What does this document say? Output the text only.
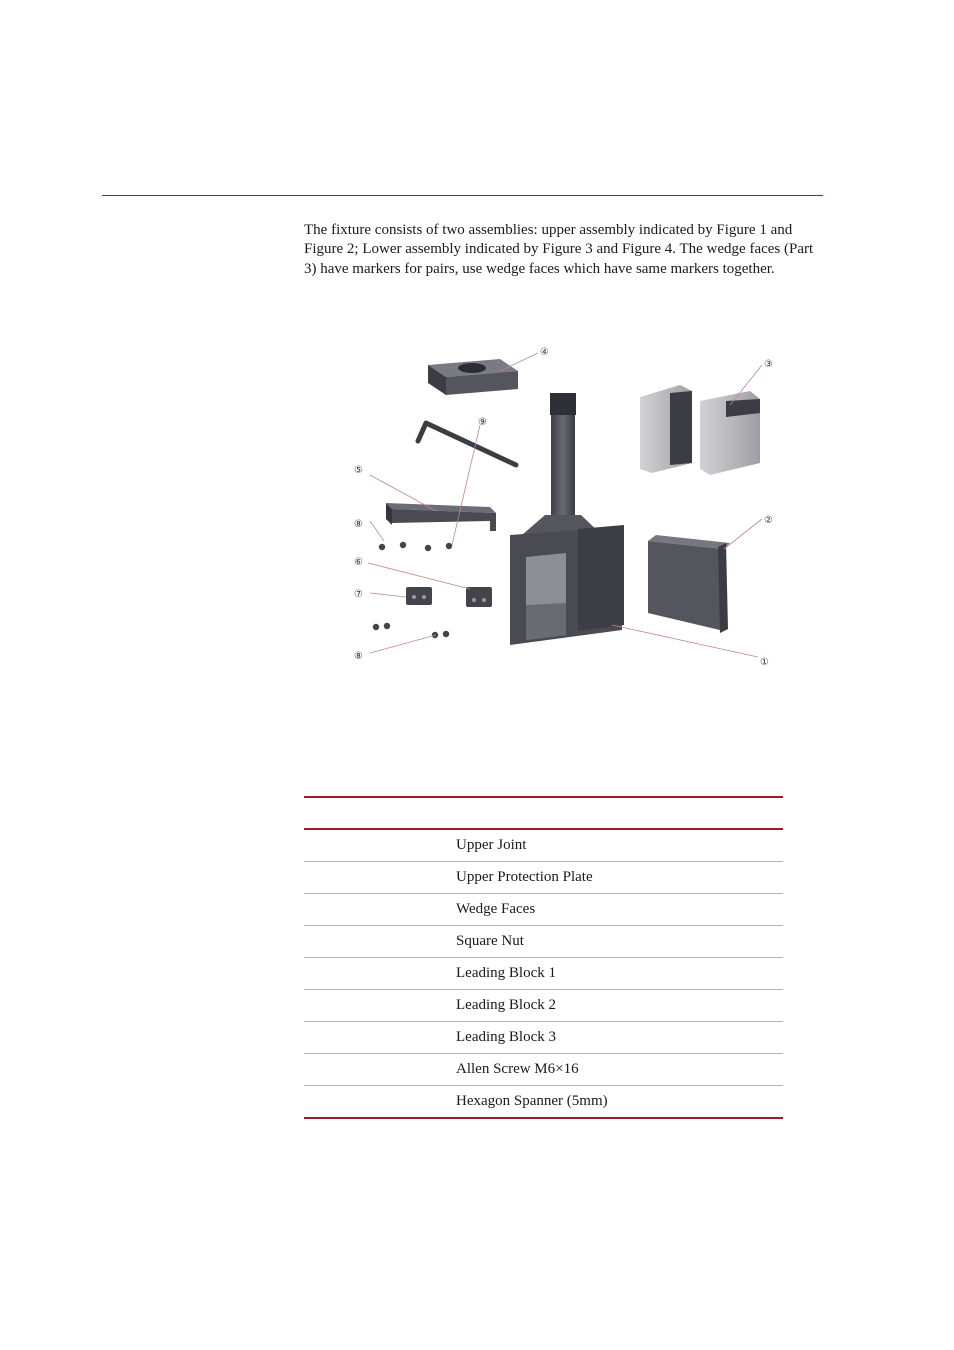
The fixture consists of two assemblies: upper assembly indicated by Figure 1 and Figure 2; Lower assembly indicated by Figure 3 and Figure 4. The wedge faces (Part 3) have markers for pairs, use wedge faces which have same markers together.

①
②
③
④
⑤
⑥
⑦
⑧
⑧
⑨

	Upper Joint
	Upper Protection Plate
	Wedge Faces
	Square Nut
	Leading Block 1
	Leading Block 2
	Leading Block 3
	Allen Screw M6×16
	Hexagon Spanner (5mm)
